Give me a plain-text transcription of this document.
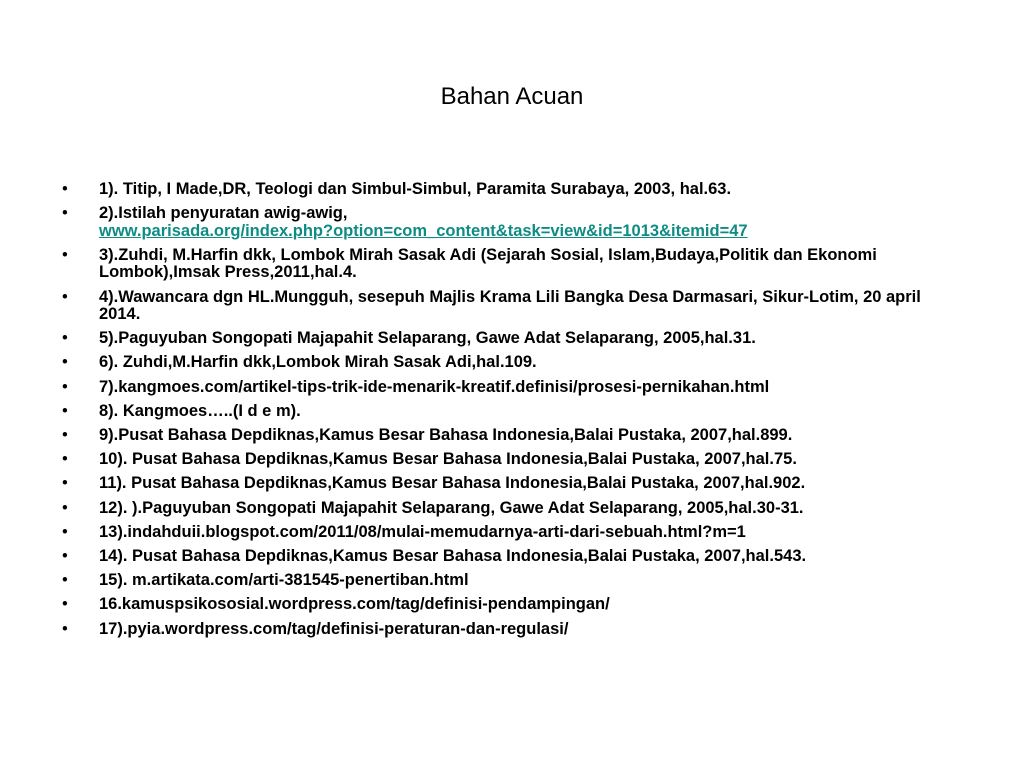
Bahan Acuan
• 1). Titip, I Made,DR, Teologi dan Simbul-Simbul, Paramita Surabaya, 2003, hal.63.
• 2).Istilah penyuratan awig-awig,
www.parisada.org/index.php?option=com_content&task=view&id=1013&itemid=47
• 3).Zuhdi, M.Harfin dkk, Lombok Mirah Sasak Adi (Sejarah Sosial, Islam,Budaya,Politik dan Ekonomi Lombok),Imsak Press,2011,hal.4.
• 4).Wawancara dgn HL.Mungguh, sesepuh Majlis Krama Lili Bangka Desa Darmasari, Sikur-Lotim, 20 april 2014.
• 5).Paguyuban Songopati Majapahit Selaparang, Gawe Adat Selaparang, 2005,hal.31.
• 6). Zuhdi,M.Harfin dkk,Lombok Mirah Sasak Adi,hal.109.
• 7).kangmoes.com/artikel-tips-trik-ide-menarik-kreatif.definisi/prosesi-pernikahan.html
• 8). Kangmoes…..(I d e m).
• 9).Pusat Bahasa Depdiknas,Kamus Besar Bahasa Indonesia,Balai Pustaka, 2007,hal.899.
• 10). Pusat Bahasa Depdiknas,Kamus Besar Bahasa Indonesia,Balai Pustaka, 2007,hal.75.
• 11). Pusat Bahasa Depdiknas,Kamus Besar Bahasa Indonesia,Balai Pustaka, 2007,hal.902.
• 12). ).Paguyuban Songopati Majapahit Selaparang, Gawe Adat Selaparang, 2005,hal.30-31.
• 13).indahduii.blogspot.com/2011/08/mulai-memudarnya-arti-dari-sebuah.html?m=1
• 14). Pusat Bahasa Depdiknas,Kamus Besar Bahasa Indonesia,Balai Pustaka, 2007,hal.543.
• 15). m.artikata.com/arti-381545-penertiban.html
• 16.kamuspsikososial.wordpress.com/tag/definisi-pendampingan/
• 17).pyia.wordpress.com/tag/definisi-peraturan-dan-regulasi/
